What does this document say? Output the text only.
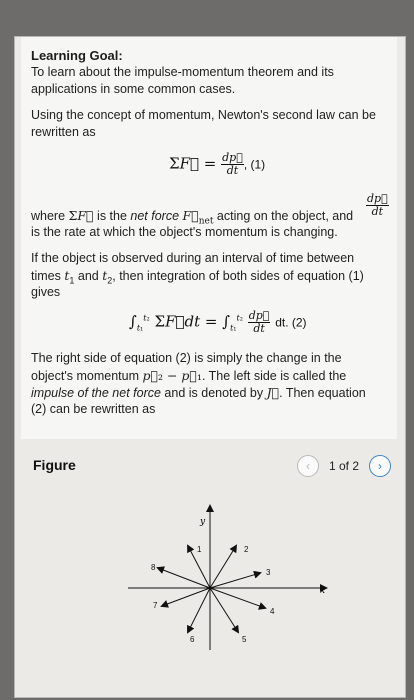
Learning Goal:
To learn about the impulse-momentum theorem and its
applications in some common cases.
Using the concept of momentum, Newton's second law can be
rewritten as
ΣF⃗ = $\frac{dp⃗}{dt}$ , (1)
where ΣF⃗ is the net force $F⃗_{net}$ acting on the object, and $\frac{dp⃗}{dt}$
is the rate at which the object's momentum is changing.
If the object is observed during an interval of time between
times $t_1$ and $t_2$, then integration of both sides of equation (1)
gives
$\int_{t_1}^{t_2}$ ΣF⃗dt = $\int_{t_1}^{t_2} \frac{dp⃗}{dt}$ dt. (2)
The right side of equation (2) is simply the change in the
object's momentum p⃗₂ − p⃗₁. The left side is called the
impulse of the net force and is denoted by J⃗. Then equation
(2) can be rewritten as
Figure	‹	1 of 2	›
y
x
1	2
3
4
5
6
7
8
